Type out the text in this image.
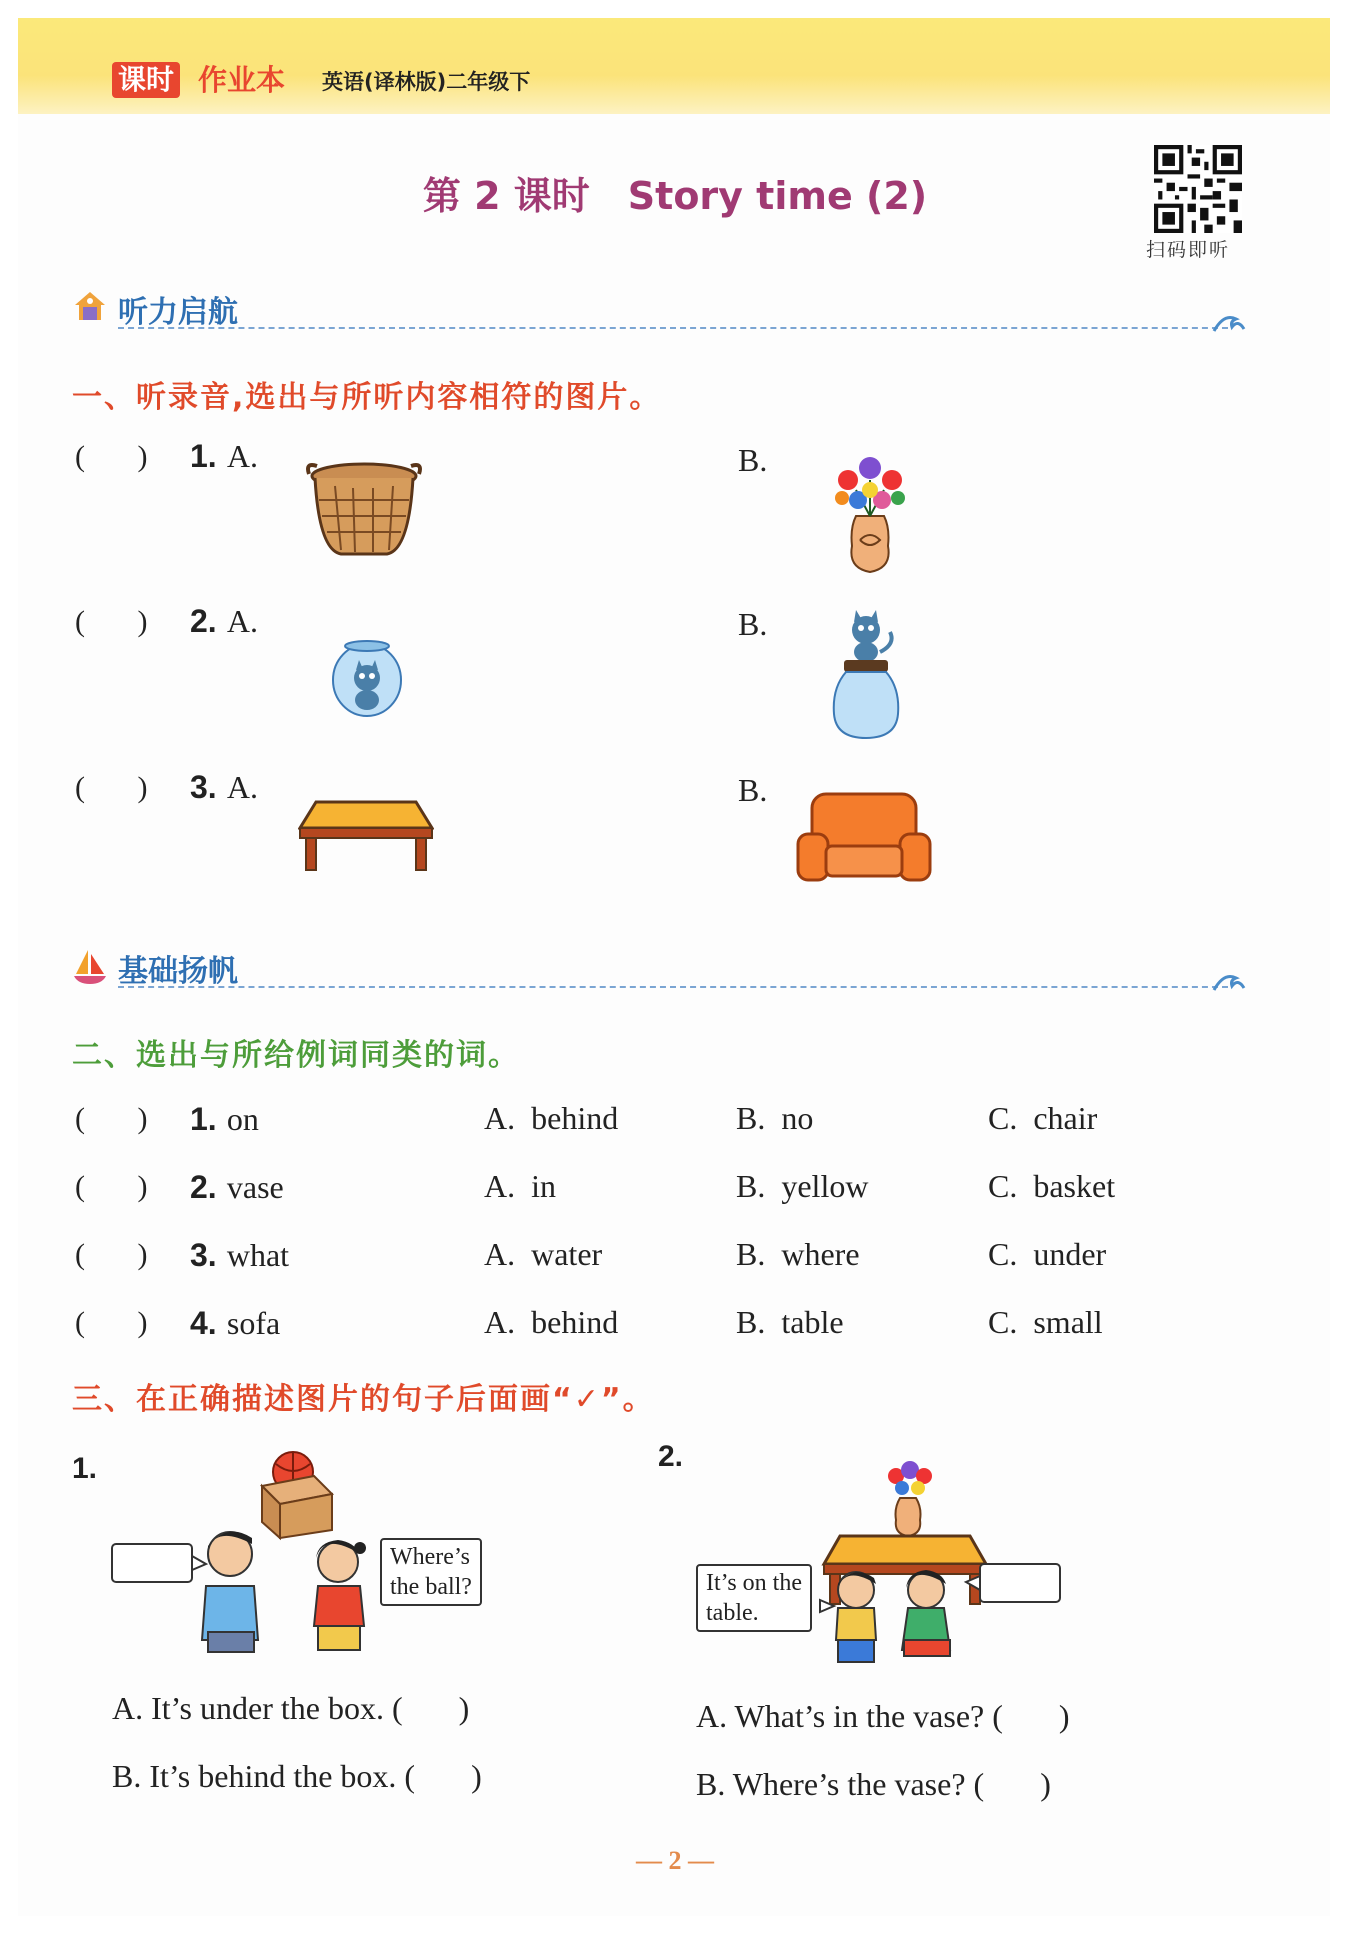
课时 作业本 英语(译林版)二年级下
第 2 课时 Story time (2)
扫码即听
听力启航
一、听录音,选出与所听内容相符的图片。
(       ) 1. A.	B.
(       ) 2. A.	B.
(       ) 3. A.	B.
基础扬帆
二、选出与所给例词同类的词。
(       ) 1. on	A. behind	B. no	C. chair
(       ) 2. vase	A. in	B. yellow	C. basket
(       ) 3. what	A. water	B. where	C. under
(       ) 4. sofa	A. behind	B. table	C. small
三、在正确描述图片的句子后面画“✓”。
1.
Where’s
the ball?
A. It’s under the box. ( )
B. It’s behind the box. ( )
2.
It’s on the
table.
A. What’s in the vase? ( )
B. Where’s the vase? ( )
— 2 —
